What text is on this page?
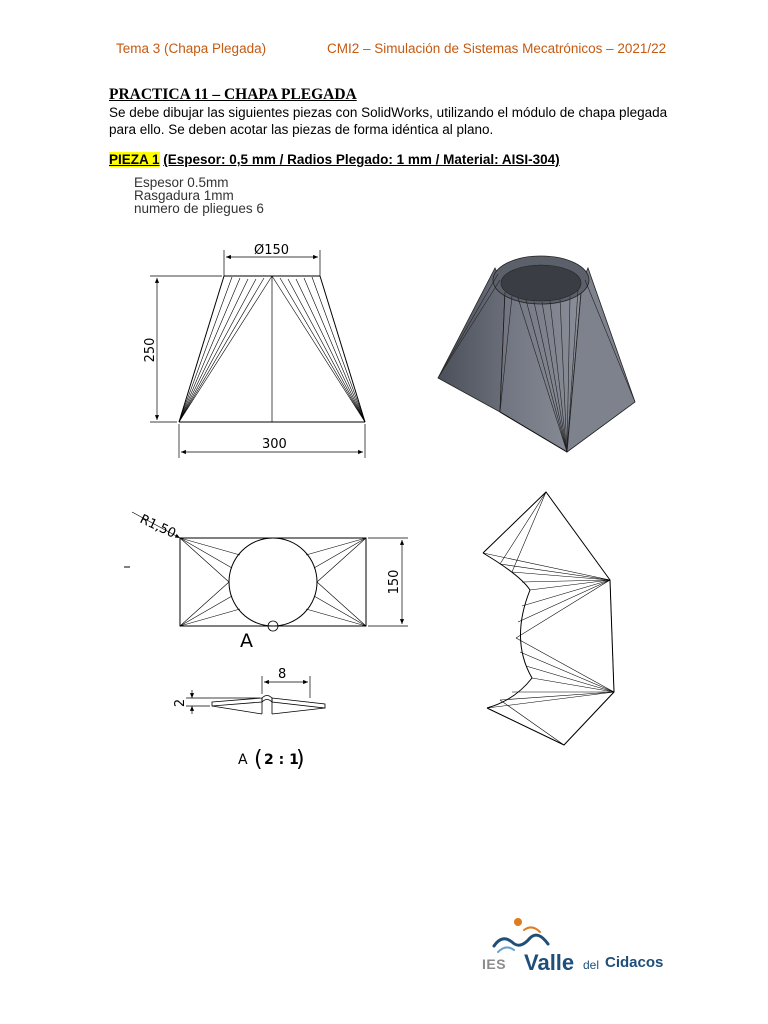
Tema 3 (Chapa Plegada)	CMI2 – Simulación de Sistemas Mecatrónicos – 2021/22
PRACTICA 11 – CHAPA PLEGADA
Se debe dibujar las siguientes piezas con SolidWorks, utilizando el módulo de chapa plegada para ello. Se deben acotar las piezas de forma idéntica al plano.
PIEZA 1 (Espesor: 0,5 mm / Radios Plegado: 1 mm / Material: AISI-304)
Espesor 0.5mm
Rasgadura 1mm
numero de pliegues 6
Ø150
250
300
R1,50
150
A
8
2
A ( 2 : 1
)
IES Valle del Cidacos
